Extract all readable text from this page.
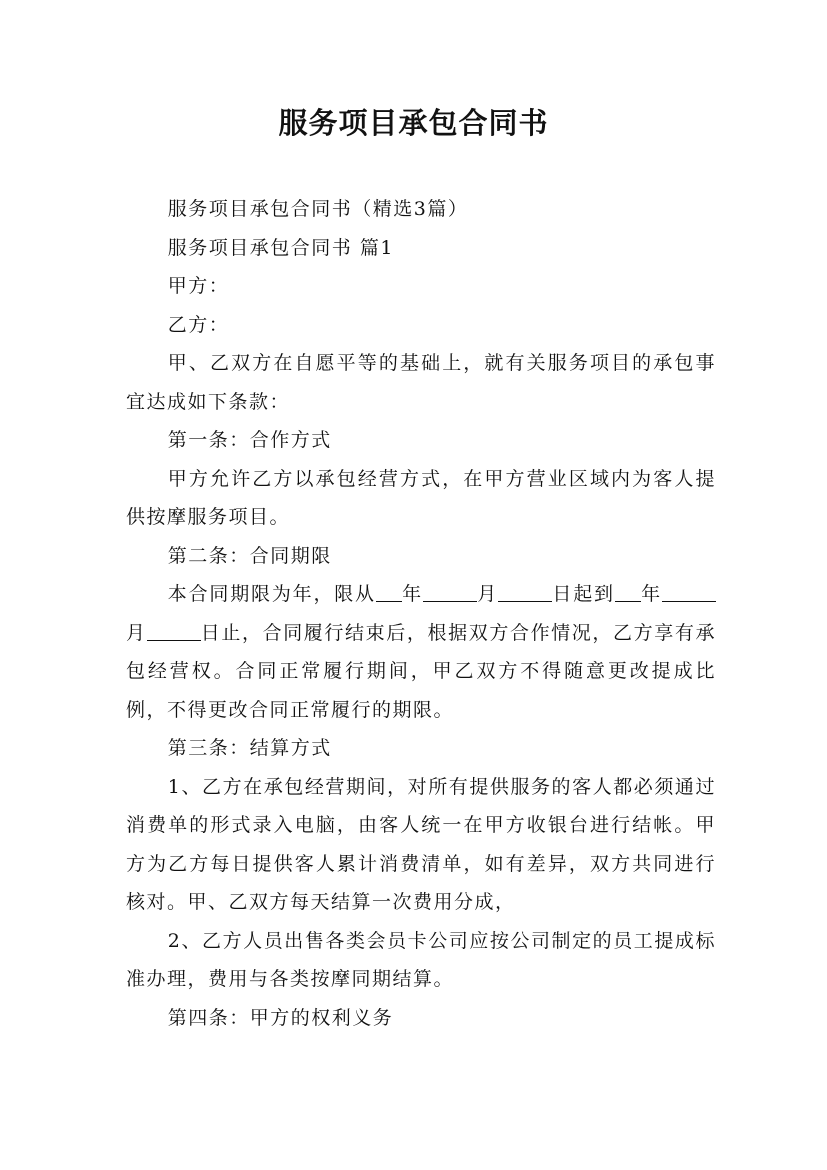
服务项目承包合同书

服务项目承包合同书（精选3篇）

服务项目承包合同书 篇1

甲方：

乙方：

甲、乙双方在自愿平等的基础上，就有关服务项目的承包事宜达成如下条款：

第一条：合作方式

甲方允许乙方以承包经营方式，在甲方营业区域内为客人提供按摩服务项目。

第二条：合同期限

本合同期限为年，限从 年	月	日起到 年月	日止，合同履行结束后，根据双方合作情况，乙方享有承包经营权。合同正常履行期间，甲乙双方不得随意更改提成比例，不得更改合同正常履行的期限。

第三条：结算方式

1、乙方在承包经营期间，对所有提供服务的客人都必须通过消费单的形式录入电脑，由客人统一在甲方收银台进行结帐。甲方为乙方每日提供客人累计消费清单，如有差异，双方共同进行核对。甲、乙双方每天结算一次费用分成，

2、乙方人员出售各类会员卡公司应按公司制定的员工提成标准办理，费用与各类按摩同期结算。

第四条：甲方的权利义务
